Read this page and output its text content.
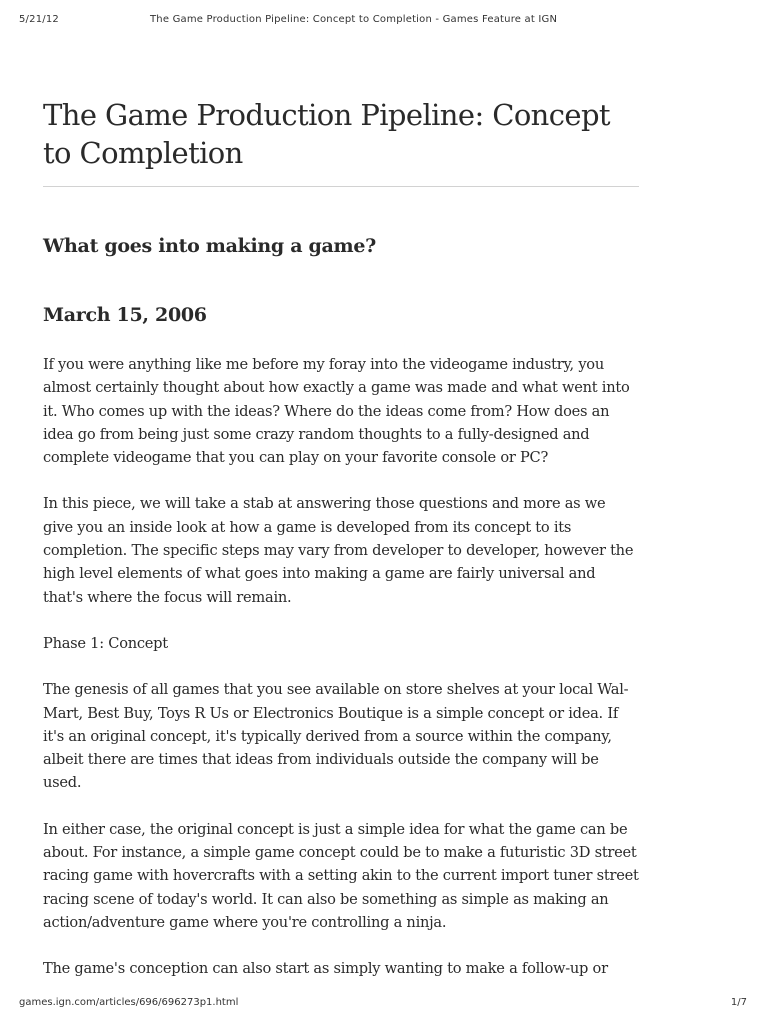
5/21/12	The Game Production Pipeline: Concept to Completion - Games Feature at IGN
The Game Production Pipeline: Concept to Completion
What goes into making a game?
March 15, 2006

If you were anything like me before my foray into the videogame industry, you almost certainly thought about how exactly a game was made and what went into it. Who comes up with the ideas? Where do the ideas come from? How does an idea go from being just some crazy random thoughts to a fully-designed and complete videogame that you can play on your favorite console or PC?

In this piece, we will take a stab at answering those questions and more as we give you an inside look at how a game is developed from its concept to its completion. The specific steps may vary from developer to developer, however the high level elements of what goes into making a game are fairly universal and that's where the focus will remain.

Phase 1: Concept

The genesis of all games that you see available on store shelves at your local Wal-Mart, Best Buy, Toys R Us or Electronics Boutique is a simple concept or idea. If it's an original concept, it's typically derived from a source within the company, albeit there are times that ideas from individuals outside the company will be used.

In either case, the original concept is just a simple idea for what the game can be about. For instance, a simple game concept could be to make a futuristic 3D street racing game with hovercrafts with a setting akin to the current import tuner street racing scene of today's world. It can also be something as simple as making an action/adventure game where you're controlling a ninja.

The game's conception can also start as simply wanting to make a follow-up or

games.ign.com/articles/696/696273p1.html	1/7
